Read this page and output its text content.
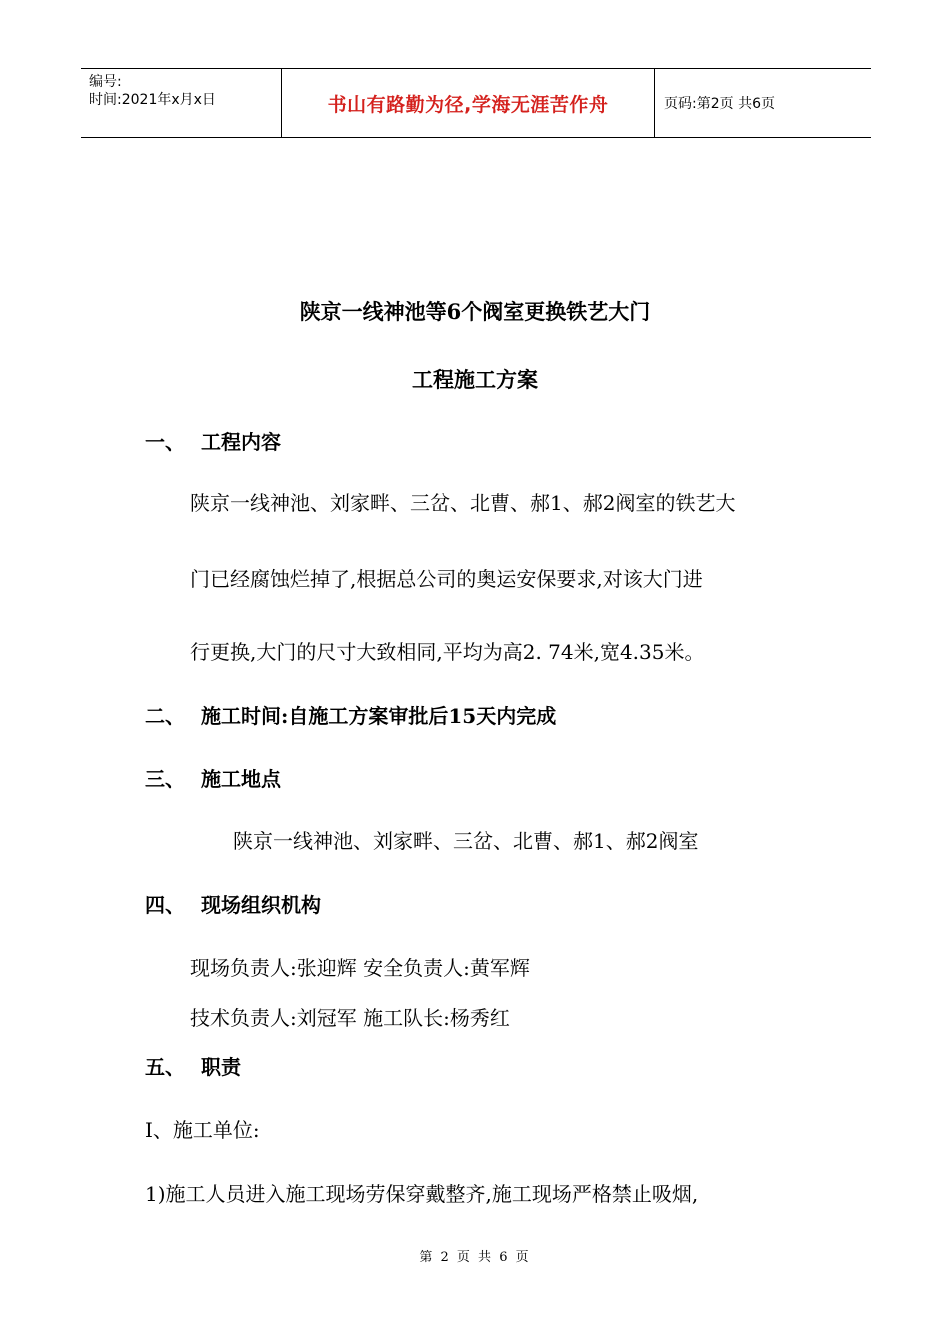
编号:
时间:2021年x月x日	书山有路勤为径,学海无涯苦作舟	页码:第2页 共6页
陕京一线神池等6个阀室更换铁艺大门
工程施工方案
一、 工程内容
陕京一线神池、刘家畔、三岔、北曹、郝1、郝2阀室的铁艺大
门已经腐蚀烂掉了,根据总公司的奥运安保要求,对该大门进
行更换,大门的尺寸大致相同,平均为高2. 74米,宽4.35米。
二、 施工时间:自施工方案审批后15天内完成
三、 施工地点
陕京一线神池、刘家畔、三岔、北曹、郝1、郝2阀室
四、 现场组织机构
现场负责人:张迎辉 安全负责人:黄军辉
技术负责人:刘冠军 施工队长:杨秀红
五、 职责
I、施工单位:
1)施工人员进入施工现场劳保穿戴整齐,施工现场严格禁止吸烟,
第 2 页 共 6 页
